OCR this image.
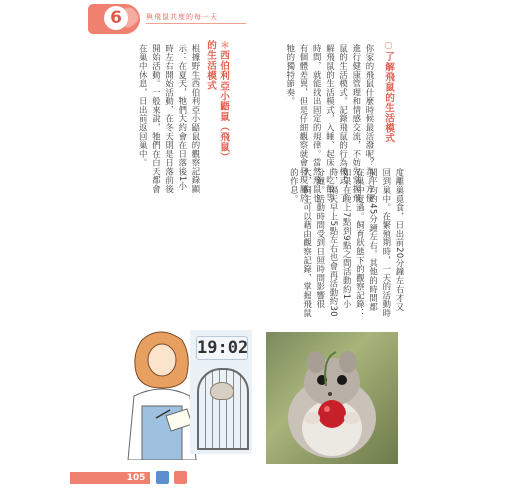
6	與飛鼠共度的每一天
○了解飛鼠的生活模式
你家的飛鼠什麼時候最活潑呢？為了方便進行健康管理和情感交流，不妨先掌握飛鼠的生活模式。記錄飛鼠的行為模式，了解飛鼠的生活模式，入睡、起床、吃飯等時間，就能找出固定的規律。當然飛鼠也有個體差異，但是仔細觀察就會發現屬於牠的獨特節奏。
度離巢覓食，日出前20分鐘左右才又回到巢中。在繁殖期時，一天的活動時間平均約45分鐘左右。其他的時間都在巢中度過。飼育狀態下的觀察記錄：如果在晚上7點到9點之間活動約1小時，隔天早上5點左右也會再活動約30分鐘。活動時間受到日照時間影響很大，飼主可以藉由觀察記錄，掌握飛鼠的作息。
＊西伯利亞小鼯鼠（飛鼠）的生活模式
根據野生西伯利亞小鼯鼠的觀察記錄顯示：在夏天，牠們大約會在日落後1小時左右開始活動，在冬天則是日落前後開始活動。一般來說，牠們在白天都會在巢中休息，日出前返回巢中。
19:02
105
